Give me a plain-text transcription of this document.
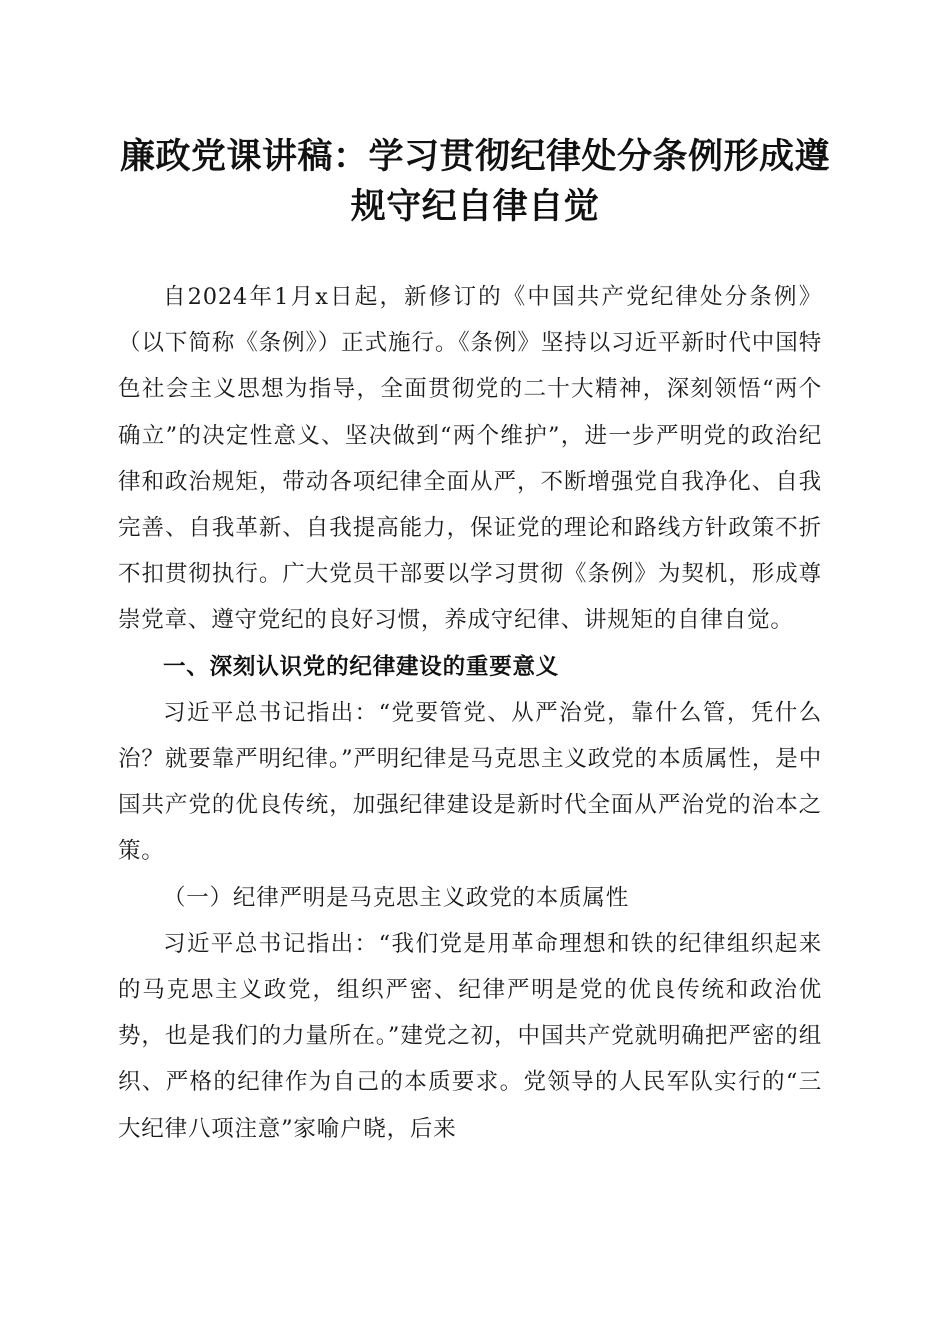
廉政党课讲稿：学习贯彻纪律处分条例形成遵规守纪自律自觉

自2024年1月x日起，新修订的《中国共产党纪律处分条例》（以下简称《条例》）正式施行。《条例》坚持以习近平新时代中国特色社会主义思想为指导，全面贯彻党的二十大精神，深刻领悟“两个确立”的决定性意义、坚决做到“两个维护”，进一步严明党的政治纪律和政治规矩，带动各项纪律全面从严，不断增强党自我净化、自我完善、自我革新、自我提高能力，保证党的理论和路线方针政策不折不扣贯彻执行。广大党员干部要以学习贯彻《条例》为契机，形成尊崇党章、遵守党纪的良好习惯，养成守纪律、讲规矩的自律自觉。

一、深刻认识党的纪律建设的重要意义

习近平总书记指出：“党要管党、从严治党，靠什么管，凭什么治？就要靠严明纪律。”严明纪律是马克思主义政党的本质属性，是中国共产党的优良传统，加强纪律建设是新时代全面从严治党的治本之策。

（一）纪律严明是马克思主义政党的本质属性

习近平总书记指出：“我们党是用革命理想和铁的纪律组织起来的马克思主义政党，组织严密、纪律严明是党的优良传统和政治优势，也是我们的力量所在。”建党之初，中国共产党就明确把严密的组织、严格的纪律作为自己的本质要求。党领导的人民军队实行的“三大纪律八项注意”家喻户晓，后来
